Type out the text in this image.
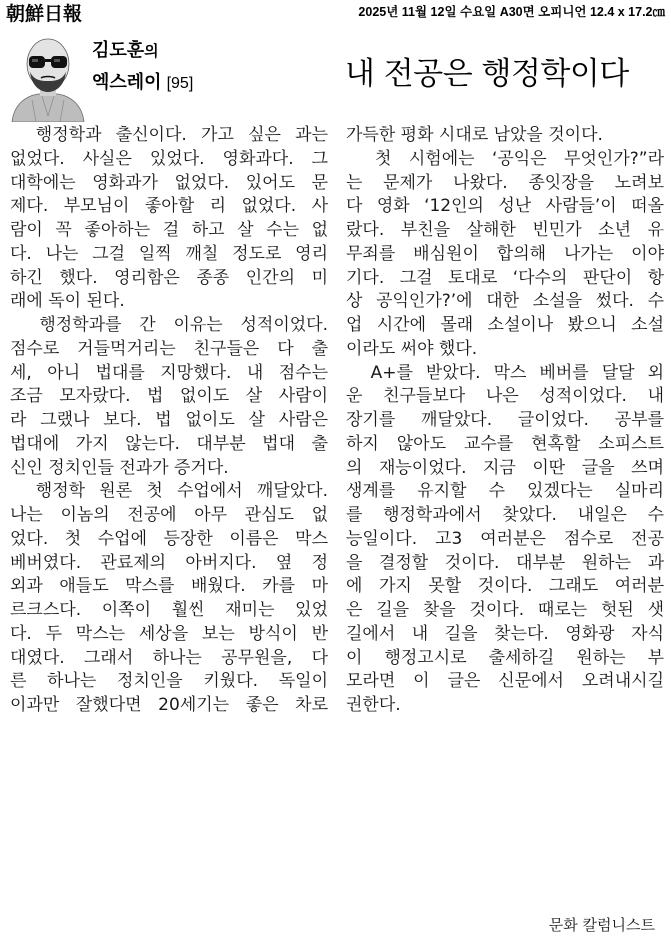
朝鮮日報	2025년 11월 12일 수요일 A30면 오피니언 12.4 x 17.2㎝
김도훈의
엑스레이 [95]	내 전공은 행정학이다
　행정학과 출신이다. 가고 싶은 과는
없었다. 사실은 있었다. 영화과다. 그
대학에는 영화과가 없었다. 있어도 문
제다. 부모님이 좋아할 리 없었다. 사
람이 꼭 좋아하는 걸 하고 살 수는 없
다. 나는 그걸 일찍 깨칠 정도로 영리
하긴 했다. 영리함은 종종 인간의 미
래에 독이 된다.
　행정학과를 간 이유는 성적이었다.
점수로 거들먹거리는 친구들은 다 출
세, 아니 법대를 지망했다. 내 점수는
조금 모자랐다. 법 없이도 살 사람이
라 그랬나 보다. 법 없이도 살 사람은
법대에 가지 않는다. 대부분 법대 출
신인 정치인들 전과가 증거다.
　행정학 원론 첫 수업에서 깨달았다.
나는 이놈의 전공에 아무 관심도 없
었다. 첫 수업에 등장한 이름은 막스
베버였다. 관료제의 아버지다. 옆 정
외과 애들도 막스를 배웠다. 카를 마
르크스다. 이쪽이 훨씬 재미는 있었
다. 두 막스는 세상을 보는 방식이 반
대였다. 그래서 하나는 공무원을, 다
른 하나는 정치인을 키웠다. 독일이
이과만 잘했다면 20세기는 좋은 차로
가득한 평화 시대로 남았을 것이다.
　첫 시험에는 ‘공익은 무엇인가?”라
는 문제가 나왔다. 종잇장을 노려보
다 영화 ‘12인의 성난 사람들’이 떠올
랐다. 부친을 살해한 빈민가 소년 유
무죄를 배심원이 합의해 나가는 이야
기다. 그걸 토대로 ‘다수의 판단이 항
상 공익인가?’에 대한 소설을 썼다. 수
업 시간에 몰래 소설이나 봤으니 소설
이라도 써야 했다.
　A+를 받았다. 막스 베버를 달달 외
운 친구들보다 나은 성적이었다. 내
장기를 깨달았다. 글이었다. 공부를
하지 않아도 교수를 현혹할 소피스트
의 재능이었다. 지금 이딴 글을 쓰며
생계를 유지할 수 있겠다는 실마리
를 행정학과에서 찾았다. 내일은 수
능일이다. 고3 여러분은 점수로 전공
을 결정할 것이다. 대부분 원하는 과
에 가지 못할 것이다. 그래도 여러분
은 길을 찾을 것이다. 때로는 헛된 샛
길에서 내 길을 찾는다. 영화광 자식
이 행정고시로 출세하길 원하는 부
모라면 이 글은 신문에서 오려내시길
권한다.
문화 칼럼니스트
